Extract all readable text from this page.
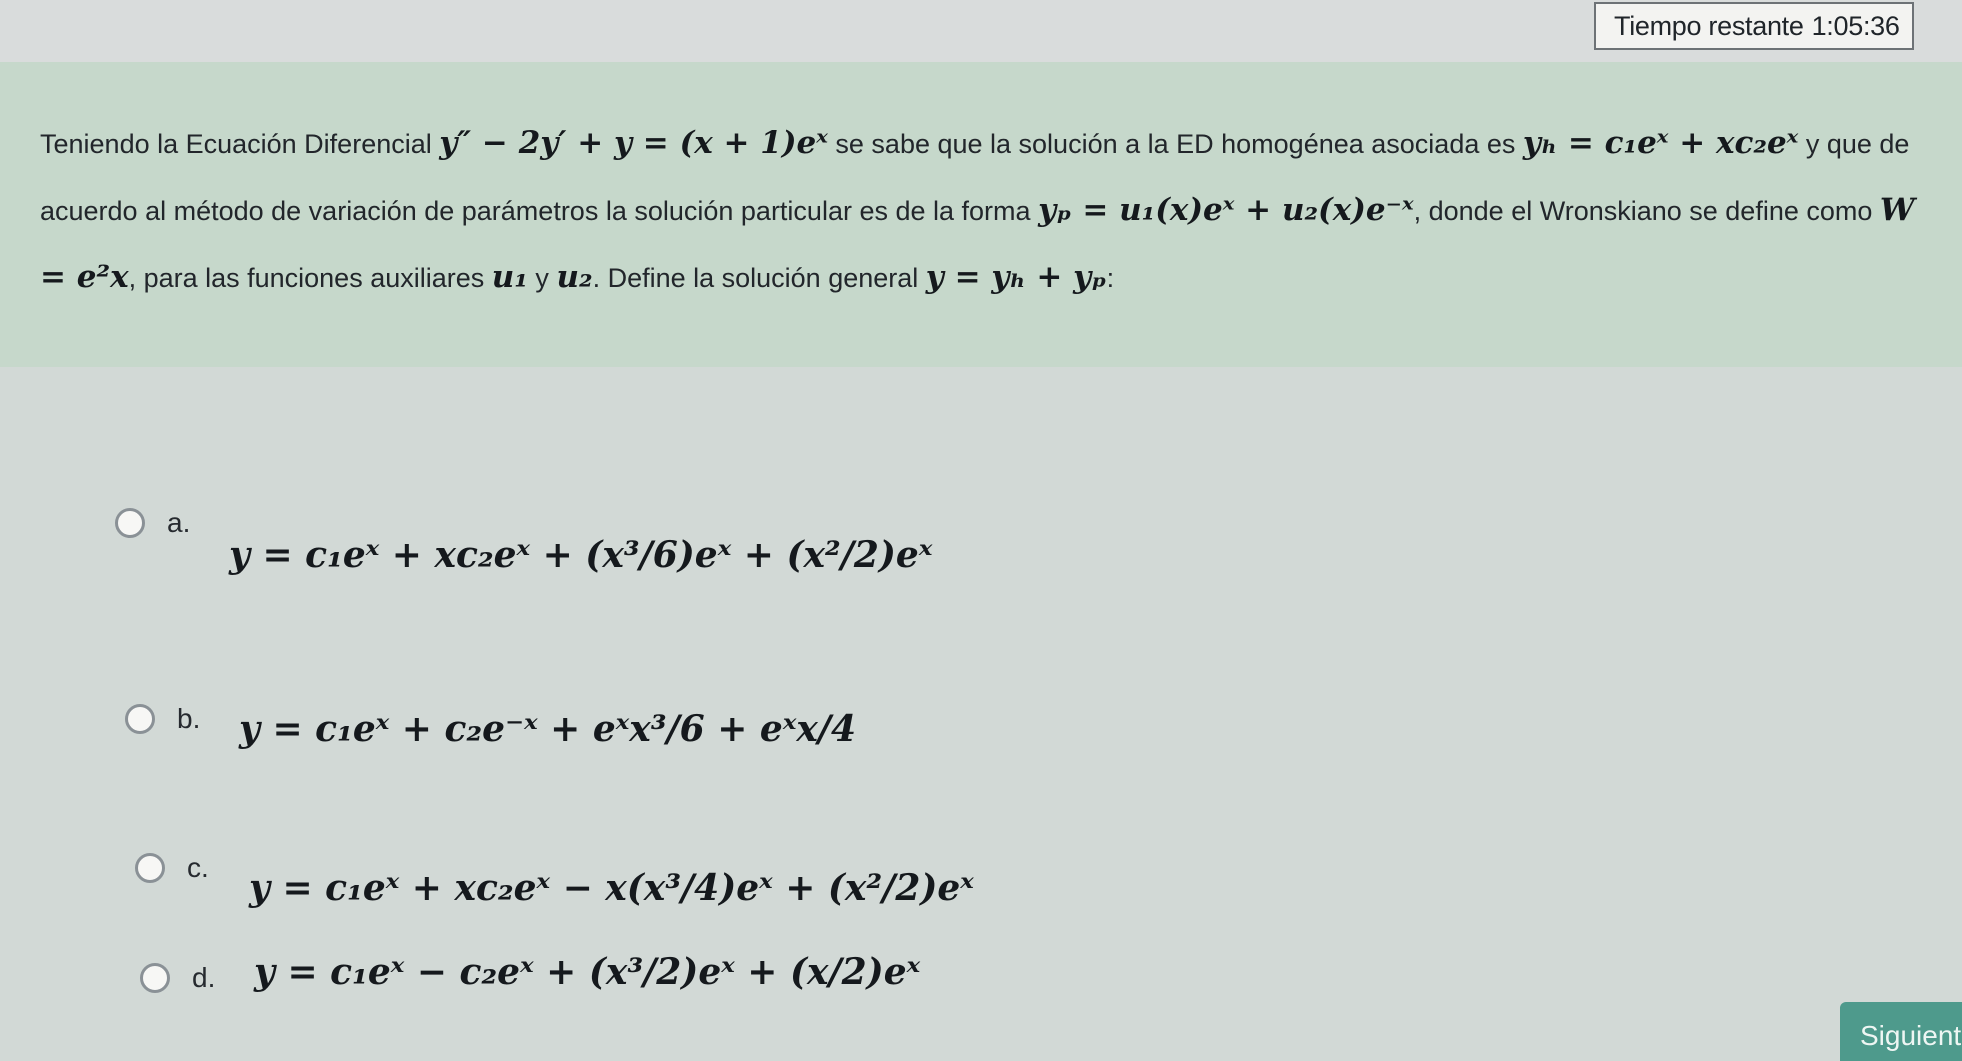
Tiempo restante 1:05:36
Teniendo la Ecuación Diferencial y″ − 2y′ + y = (x + 1)eˣ se sabe que la solución a la ED homogénea asociada es yₕ = c₁eˣ + xc₂eˣ y que de acuerdo al método de variación de parámetros la solución particular es de la forma yₚ = u₁(x)eˣ + u₂(x)e⁻ˣ, donde el Wronskiano se define como W = e²x, para las funciones auxiliares u₁ y u₂. Define la solución general y = yₕ + yₚ:
a.
y = c₁eˣ + xc₂eˣ + (x³/6)eˣ + (x²/2)eˣ
b.	y = c₁eˣ + c₂e⁻ˣ + eˣx³/6 + eˣx/4
c.	y = c₁eˣ + xc₂eˣ − x(x³/4)eˣ + (x²/2)eˣ
d.	y = c₁eˣ − c₂eˣ + (x³/2)eˣ + (x/2)eˣ
Siguient
